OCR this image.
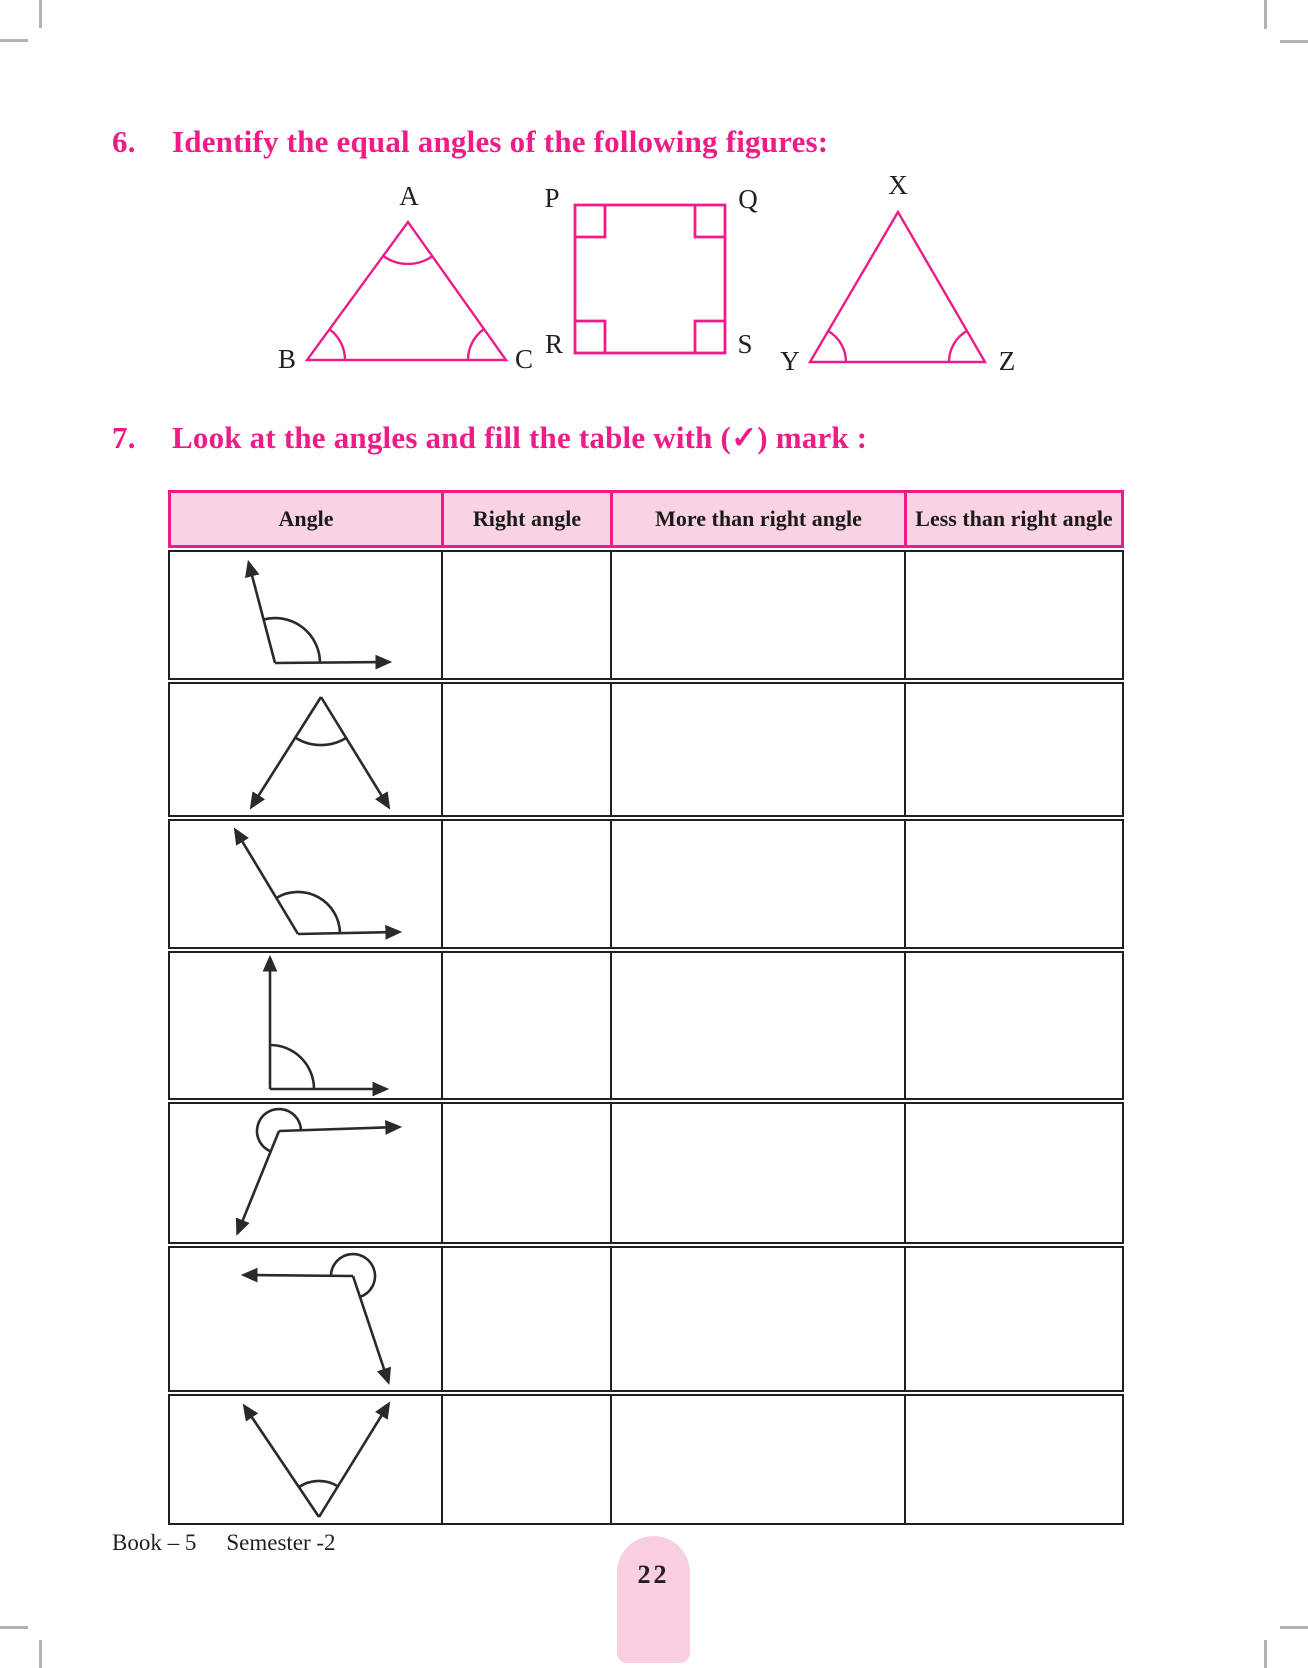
6.	Identify the equal angles of the following figures:
A
B	C
P	Q
R	S
X
Y	Z
7.	Look at the angles and fill the table with (✓) mark :
Angle	Right angle	More than right angle	Less than right angle
Book – 5 Semester -2
22
